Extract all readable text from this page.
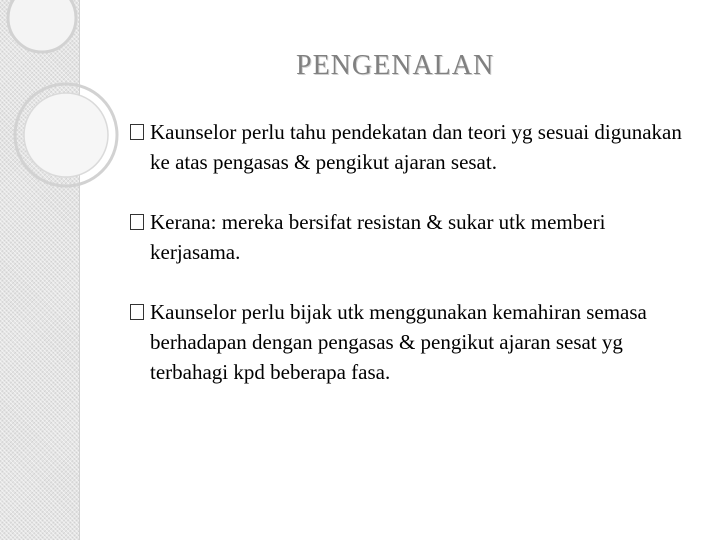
PENGENALAN
Kaunselor perlu tahu pendekatan dan teori yg sesuai digunakan ke atas pengasas & pengikut ajaran sesat.
Kerana: mereka bersifat resistan & sukar utk memberi kerjasama.
Kaunselor perlu bijak utk menggunakan kemahiran semasa berhadapan dengan pengasas & pengikut ajaran sesat yg terbahagi kpd beberapa fasa.
